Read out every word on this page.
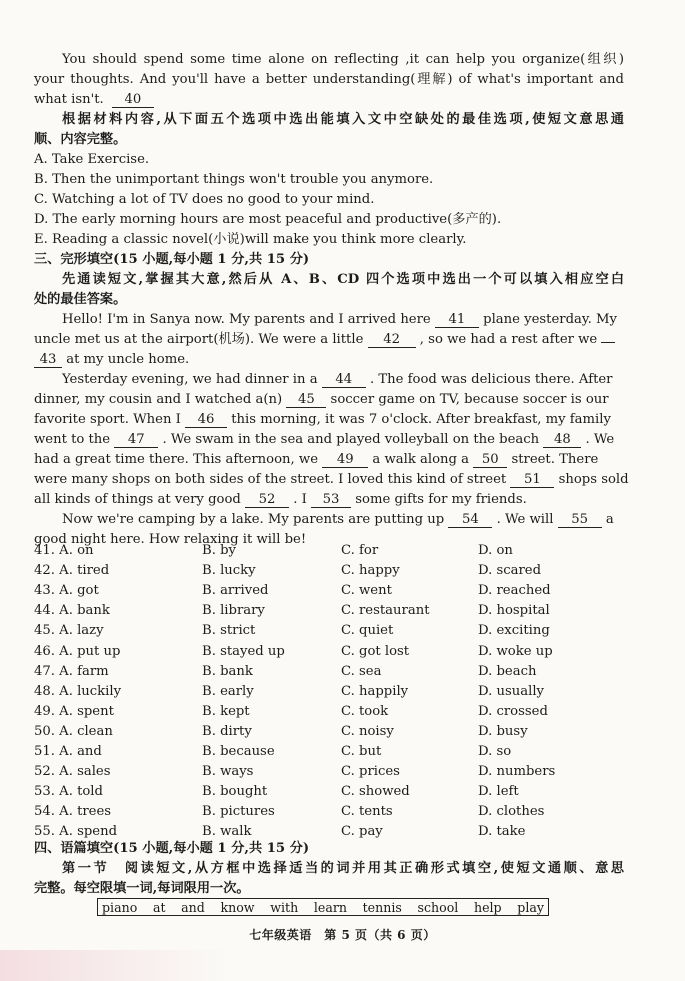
You should spend some time alone on reflecting ,it can help you organize(组织)
your thoughts. And you'll have a better understanding(理解) of what's important and
what isn't. 40
根据材料内容,从下面五个选项中选出能填入文中空缺处的最佳选项,使短文意思通
顺、内容完整。
A. Take Exercise.
B. Then the unimportant things won't trouble you anymore.
C. Watching a lot of TV does no good to your mind.
D. The early morning hours are most peaceful and productive(多产的).
E. Reading a classic novel(小说)will make you think more clearly.
三、完形填空(15 小题,每小题 1 分,共 15 分)
先通读短文,掌握其大意,然后从 A、B、CD 四个选项中选出一个可以填入相应空白
处的最佳答案。
Hello! I'm in Sanya now. My parents and I arrived here 41 plane yesterday. My
uncle met us at the airport(机场). We were a little 42 , so we had a rest after we
43 at my uncle home.
Yesterday evening, we had dinner in a 44 . The food was delicious there. After
dinner, my cousin and I watched a(n) 45 soccer game on TV, because soccer is our
favorite sport. When I 46 this morning, it was 7 o'clock. After breakfast, my family
went to the 47 . We swam in the sea and played volleyball on the beach 48 . We
had a great time there. This afternoon, we 49 a walk along a 50 street. There
were many shops on both sides of the street. I loved this kind of street 51 shops sold
all kinds of things at very good 52 . I 53 some gifts for my friends.
Now we're camping by a lake. My parents are putting up 54 . We will 55 a
good night here. How relaxing it will be!
41. A. on	B. by	C. for	D. on
42. A. tired	B. lucky	C. happy	D. scared
43. A. got	B. arrived	C. went	D. reached
44. A. bank	B. library	C. restaurant	D. hospital
45. A. lazy	B. strict	C. quiet	D. exciting
46. A. put up	B. stayed up	C. got lost	D. woke up
47. A. farm	B. bank	C. sea	D. beach
48. A. luckily	B. early	C. happily	D. usually
49. A. spent	B. kept	C. took	D. crossed
50. A. clean	B. dirty	C. noisy	D. busy
51. A. and	B. because	C. but	D. so
52. A. sales	B. ways	C. prices	D. numbers
53. A. told	B. bought	C. showed	D. left
54. A. trees	B. pictures	C. tents	D. clothes
55. A. spend	B. walk	C. pay	D. take
四、语篇填空(15 小题,每小题 1 分,共 15 分)
第一节　阅读短文,从方框中选择适当的词并用其正确形式填空,使短文通顺、意思
完整。每空限填一词,每词限用一次。
piano at and know with learn tennis school help play
七年级英语　第 5 页（共 6 页）
